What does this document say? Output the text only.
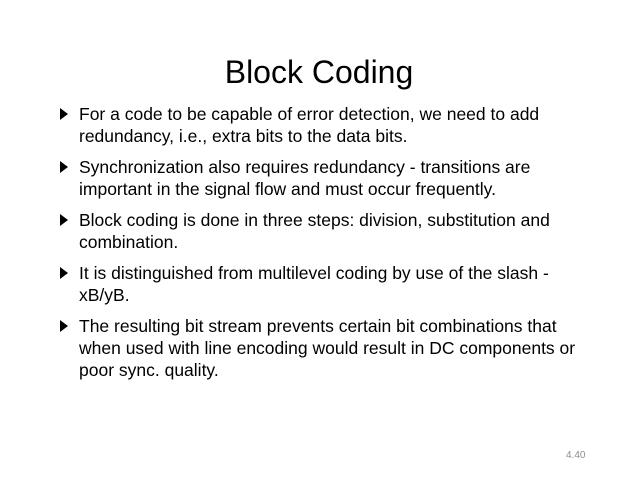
Block Coding
For a code to be capable of error detection, we need to add redundancy, i.e., extra bits to the data bits.
Synchronization also requires redundancy - transitions are important in the signal flow and must occur frequently.
Block coding is done in three steps: division, substitution and combination.
It is distinguished from multilevel coding by use of the slash - xB/yB.
The resulting bit stream prevents certain bit combinations that when used with line encoding would result in DC components or poor sync. quality.
4.40
